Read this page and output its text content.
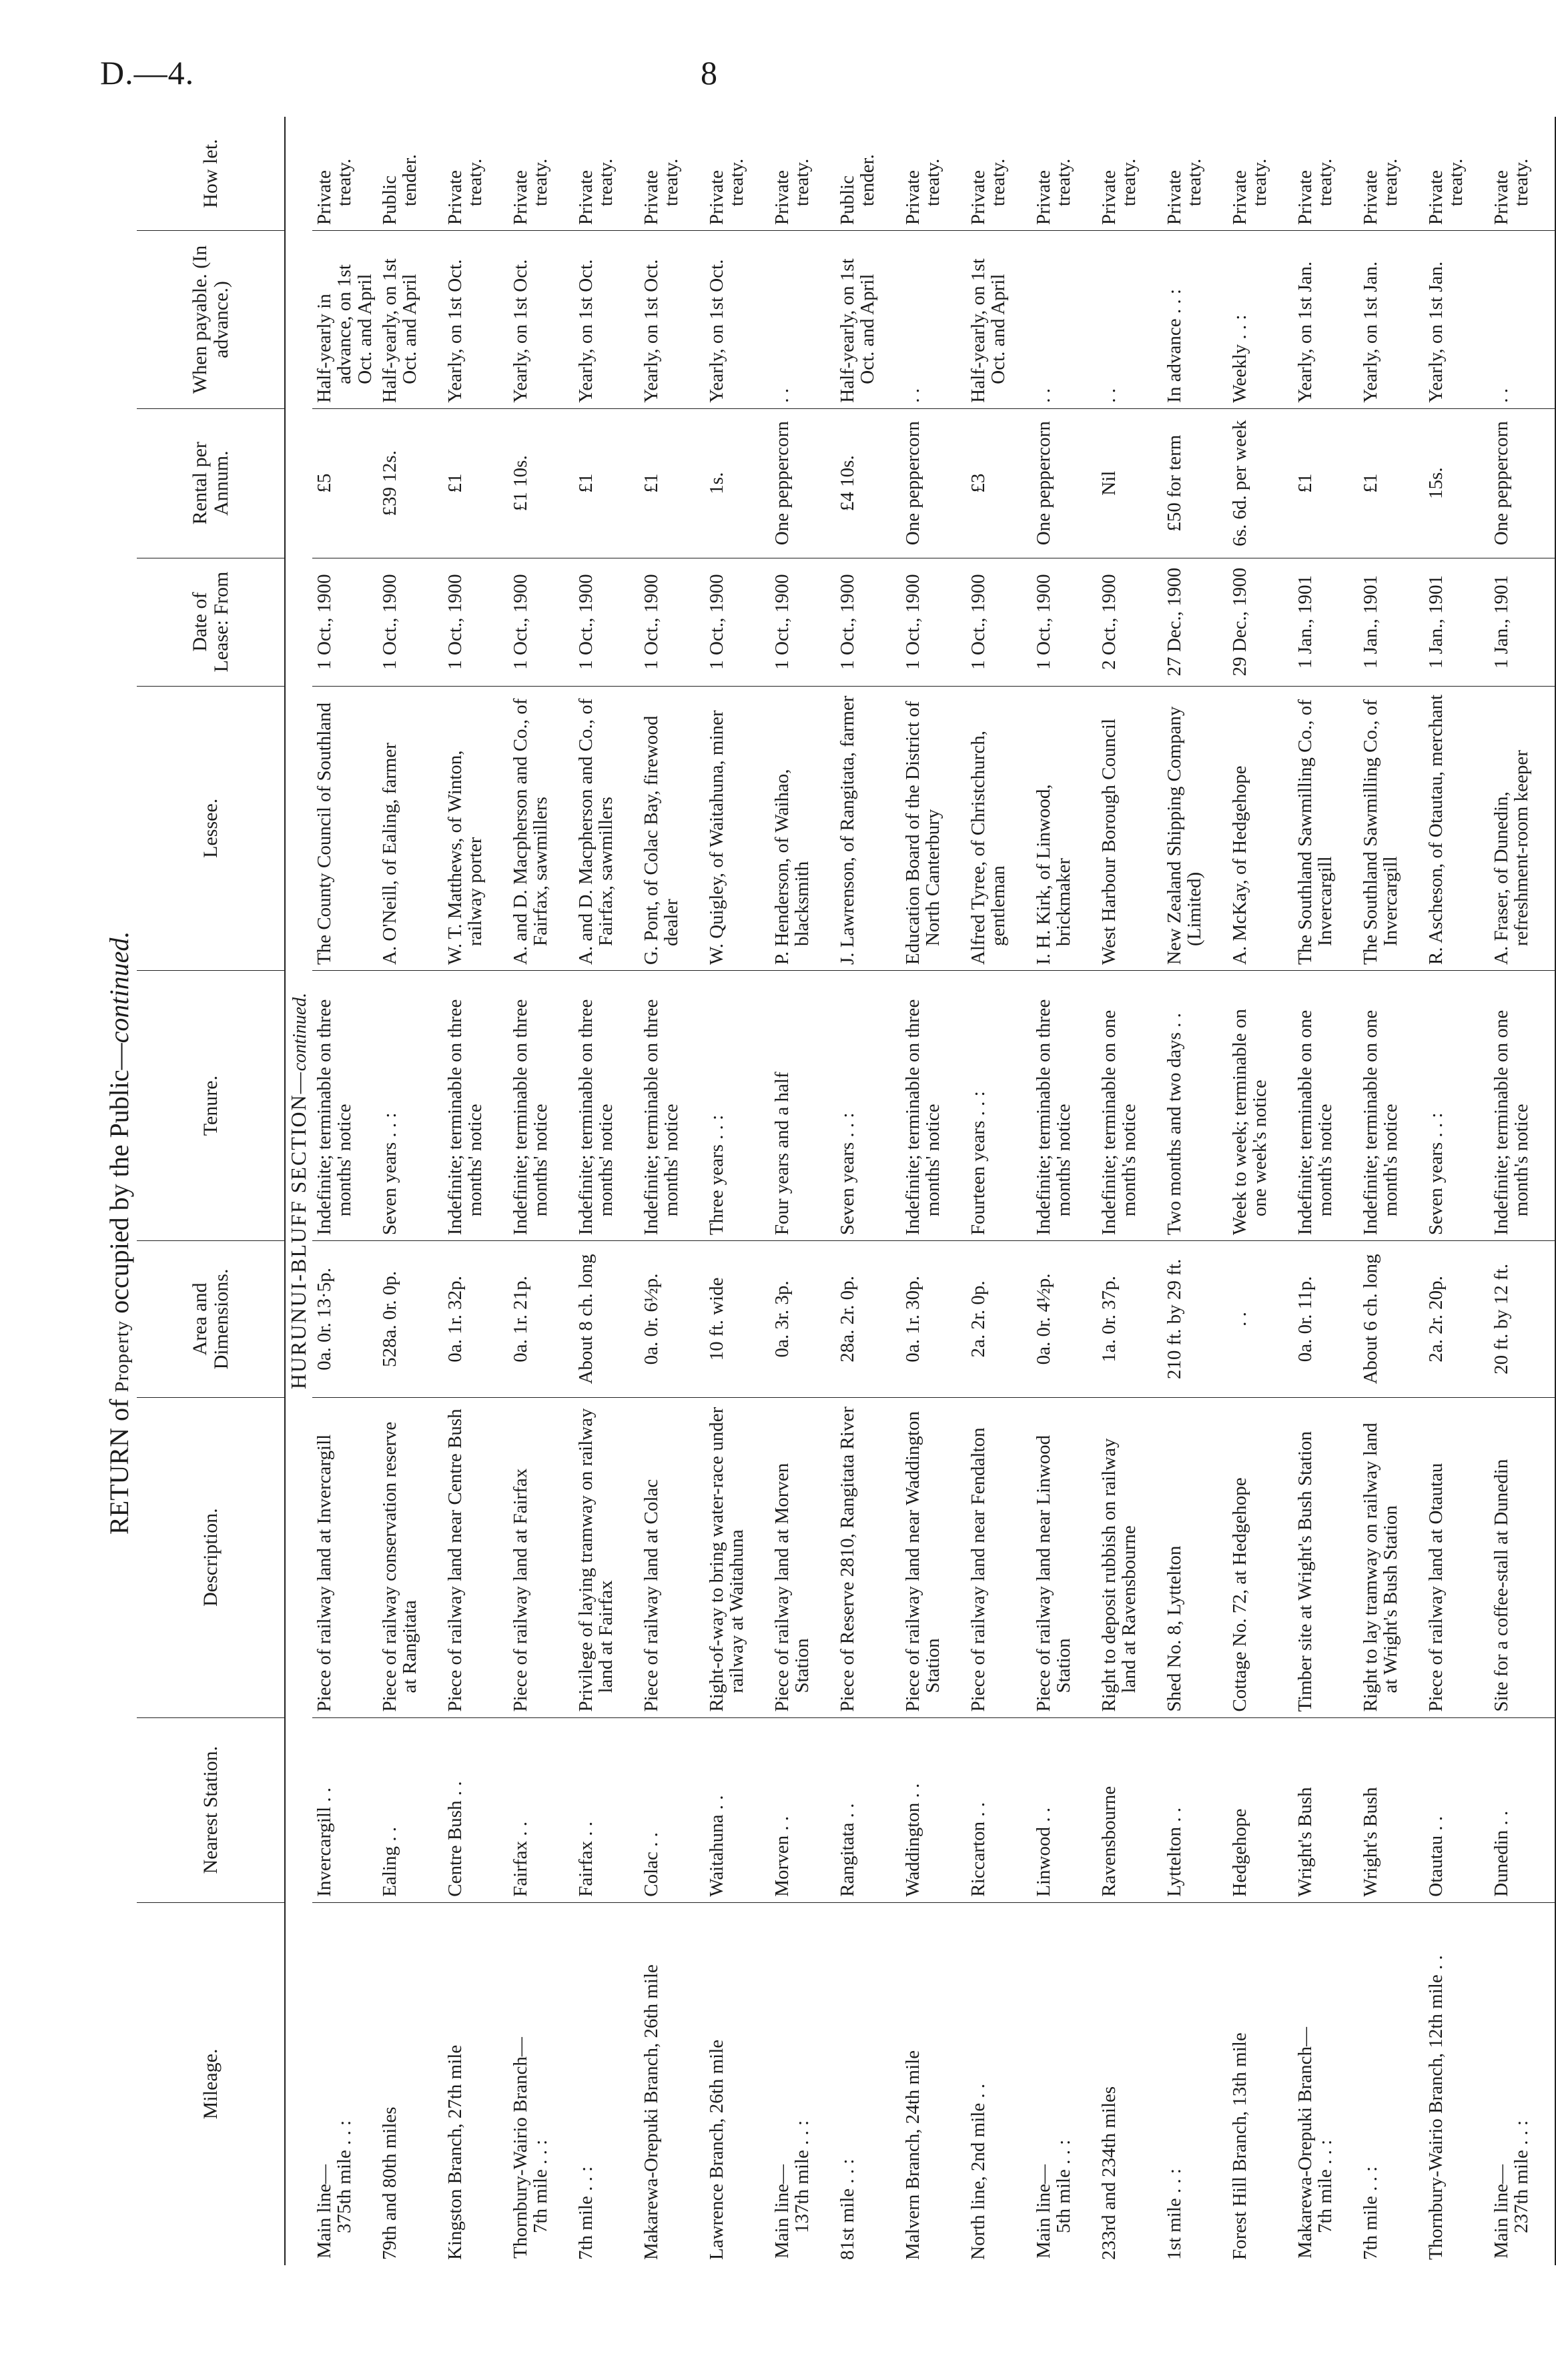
D.—4.	8
RETURN of Property occupied by the Public—continued.
Mileage.	Nearest Station.	Description.	Area and Dimensions.	Tenure.	Lessee.	Date of Lease: From	Rental per Annum.	When payable. (In advance.)	How let.
HURUNUI-BLUFF SECTION—continued.									

Main line—
375th mile . . :	Invercargill . .	Piece of railway land at Invercargill	0a. 0r. 13·5p.	Indefinite; terminable on three months' notice	The County Council of Southland	1 Oct., 1900	£5	Half-yearly in advance, on 1st Oct. and April	Private treaty.
79th and 80th miles	Ealing . .	Piece of railway conservation reserve at Rangitata	528a. 0r. 0p.	Seven years . . :	A. O'Neill, of Ealing, farmer	1 Oct., 1900	£39 12s.	Half-yearly, on 1st Oct. and April	Public tender.
Kingston Branch, 27th mile	Centre Bush . .	Piece of railway land near Centre Bush	0a. 1r. 32p.	Indefinite; terminable on three months' notice	W. T. Matthews, of Winton, railway porter	1 Oct., 1900	£1	Yearly, on 1st Oct.	Private treaty.

Thornbury-Wairio Branch—
7th mile . . :	Fairfax . .	Piece of railway land at Fairfax	0a. 1r. 21p.	Indefinite; terminable on three months' notice	A. and D. Macpherson and Co., of Fairfax, sawmillers	1 Oct., 1900	£1 10s.	Yearly, on 1st Oct.	Private treaty.
7th mile . . :	Fairfax . .	Privilege of laying tramway on railway land at Fairfax	About 8 ch. long	Indefinite; terminable on three months' notice	A. and D. Macpherson and Co., of Fairfax, sawmillers	1 Oct., 1900	£1	Yearly, on 1st Oct.	Private treaty.
Makarewa-Orepuki Branch, 26th mile	Colac . .	Piece of railway land at Colac	0a. 0r. 6½p.	Indefinite; terminable on three months' notice	G. Pont, of Colac Bay, firewood dealer	1 Oct., 1900	£1	Yearly, on 1st Oct.	Private treaty.
Lawrence Branch, 26th mile	Waitahuna . .	Right-of-way to bring water-race under railway at Waitahuna	10 ft. wide	Three years . . :	W. Quigley, of Waitahuna, miner	1 Oct., 1900	1s.	Yearly, on 1st Oct.	Private treaty.

Main line—
137th mile . . :	Morven . .	Piece of railway land at Morven Station	0a. 3r. 3p.	Four years and a half	P. Henderson, of Waihao, blacksmith	1 Oct., 1900	One peppercorn	. .	Private treaty.
81st mile . . :	Rangitata . .	Piece of Reserve 2810, Rangitata River	28a. 2r. 0p.	Seven years . . :	J. Lawrenson, of Rangitata, farmer	1 Oct., 1900	£4 10s.	Half-yearly, on 1st Oct. and April	Public tender.
Malvern Branch, 24th mile	Waddington . .	Piece of railway land near Waddington Station	0a. 1r. 30p.	Indefinite; terminable on three months' notice	Education Board of the District of North Canterbury	1 Oct., 1900	One peppercorn	. .	Private treaty.
North line, 2nd mile . .	Riccarton . .	Piece of railway land near Fendalton	2a. 2r. 0p.	Fourteen years . . :	Alfred Tyree, of Christchurch, gentleman	1 Oct., 1900	£3	Half-yearly, on 1st Oct. and April	Private treaty.

Main line—
5th mile . . :	Linwood . .	Piece of railway land near Linwood Station	0a. 0r. 4½p.	Indefinite; terminable on three months' notice	I. H. Kirk, of Linwood, brickmaker	1 Oct., 1900	One peppercorn	. .	Private treaty.
233rd and 234th miles	Ravensbourne	Right to deposit rubbish on railway land at Ravensbourne	1a. 0r. 37p.	Indefinite; terminable on one month's notice	West Harbour Borough Council	2 Oct., 1900	Nil	. .	Private treaty.
1st mile . . :	Lyttelton . .	Shed No. 8, Lyttelton	210 ft. by 29 ft.	Two months and two days . .	New Zealand Shipping Company (Limited)	27 Dec., 1900	£50 for term	In advance . . :	Private treaty.
Forest Hill Branch, 13th mile	Hedgehope	Cottage No. 72, at Hedgehope	. .	Week to week; terminable on one week's notice	A. McKay, of Hedgehope	29 Dec., 1900	6s. 6d. per week	Weekly . . :	Private treaty.

Makarewa-Orepuki Branch—
7th mile . . :	Wright's Bush	Timber site at Wright's Bush Station	0a. 0r. 11p.	Indefinite; terminable on one month's notice	The Southland Sawmilling Co., of Invercargill	1 Jan., 1901	£1	Yearly, on 1st Jan.	Private treaty.
7th mile . . :	Wright's Bush	Right to lay tramway on railway land at Wright's Bush Station	About 6 ch. long	Indefinite; terminable on one month's notice	The Southland Sawmilling Co., of Invercargill	1 Jan., 1901	£1	Yearly, on 1st Jan.	Private treaty.
Thornbury-Wairio Branch, 12th mile . .	Otautau . .	Piece of railway land at Otautau	2a. 2r. 20p.	Seven years . . :	R. Ascheson, of Otautau, merchant	1 Jan., 1901	15s.	Yearly, on 1st Jan.	Private treaty.

Main line—
237th mile . . :	Dunedin . .	Site for a coffee-stall at Dunedin	20 ft. by 12 ft.	Indefinite; terminable on one month's notice	A. Fraser, of Dunedin, refreshment-room keeper	1 Jan., 1901	One peppercorn	. .	Private treaty.
